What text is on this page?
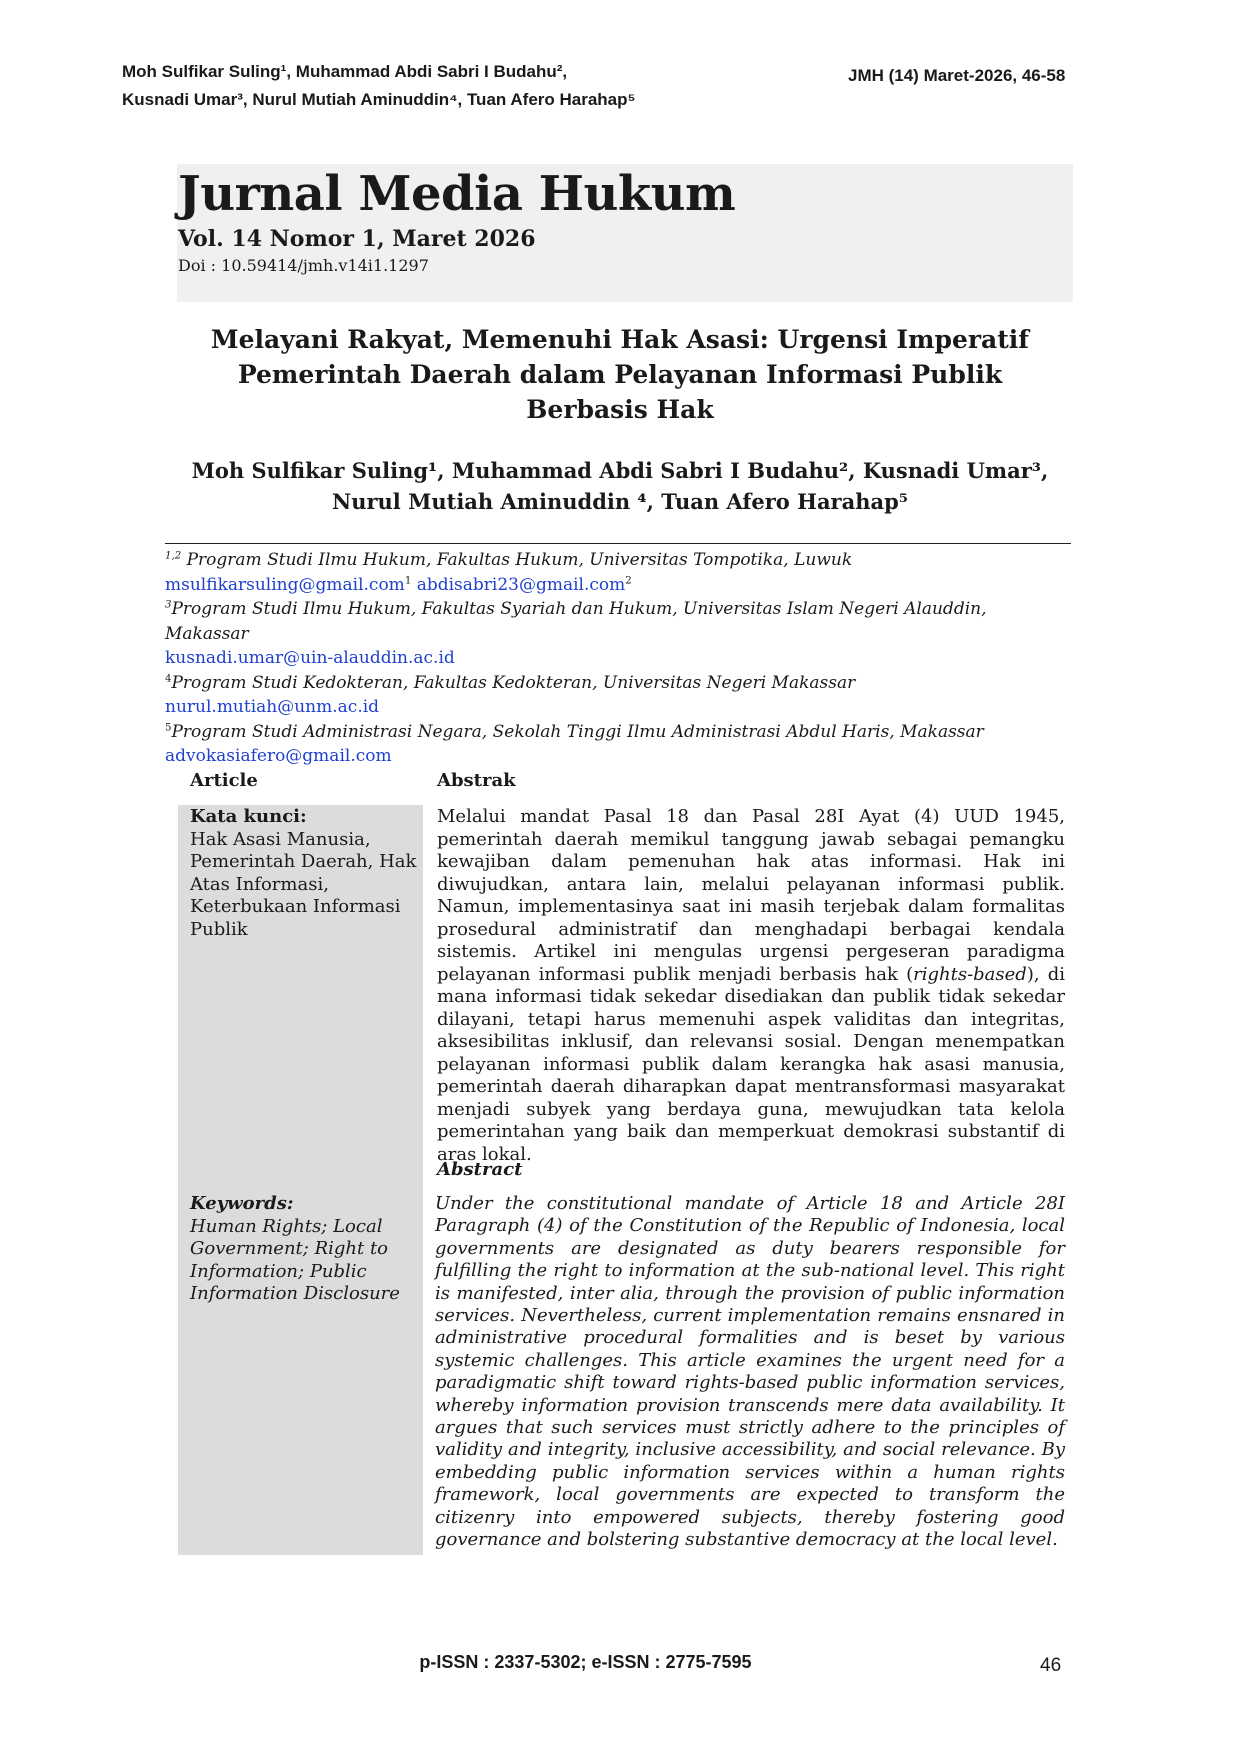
Moh Sulfikar Suling¹, Muhammad Abdi Sabri I Budahu²,
Kusnadi Umar³, Nurul Mutiah Aminuddin⁴, Tuan Afero Harahap⁵
JMH (14) Maret-2026, 46-58
Jurnal Media Hukum
Vol. 14 Nomor 1, Maret 2026
Doi : 10.59414/jmh.v14i1.1297
Melayani Rakyat, Memenuhi Hak Asasi: Urgensi Imperatif
Pemerintah Daerah dalam Pelayanan Informasi Publik
Berbasis Hak
Moh Sulfikar Suling¹, Muhammad Abdi Sabri I Budahu², Kusnadi Umar³,
Nurul Mutiah Aminuddin ⁴, Tuan Afero Harahap⁵
$^{1,2}$ Program Studi Ilmu Hukum, Fakultas Hukum, Universitas Tompotika, Luwuk
msulfikarsuling@gmail.com$^1$ abdisabri23@gmail.com$^2$
$^3$Program Studi Ilmu Hukum, Fakultas Syariah dan Hukum, Universitas Islam Negeri Alauddin, Makassar
kusnadi.umar@uin-alauddin.ac.id
$^4$Program Studi Kedokteran, Fakultas Kedokteran, Universitas Negeri Makassar
nurul.mutiah@unm.ac.id
$^5$Program Studi Administrasi Negara, Sekolah Tinggi Ilmu Administrasi Abdul Haris, Makassar
advokasiafero@gmail.com
Article	Abstrak
Kata kunci:
Hak Asasi Manusia, Pemerintah Daerah, Hak Atas Informasi, Keterbukaan Informasi Publik
Melalui mandat Pasal 18 dan Pasal 28I Ayat (4) UUD 1945, pemerintah daerah memikul tanggung jawab sebagai pemangku kewajiban dalam pemenuhan hak atas informasi. Hak ini diwujudkan, antara lain, melalui pelayanan informasi publik. Namun, implementasinya saat ini masih terjebak dalam formalitas prosedural administratif dan menghadapi berbagai kendala sistemis. Artikel ini mengulas urgensi pergeseran paradigma pelayanan informasi publik menjadi berbasis hak (rights-based), di mana informasi tidak sekedar disediakan dan publik tidak sekedar dilayani, tetapi harus memenuhi aspek validitas dan integritas, aksesibilitas inklusif, dan relevansi sosial. Dengan menempatkan pelayanan informasi publik dalam kerangka hak asasi manusia, pemerintah daerah diharapkan dapat mentransformasi masyarakat menjadi subyek yang berdaya guna, mewujudkan tata kelola pemerintahan yang baik dan memperkuat demokrasi substantif di aras lokal.
Abstract
Keywords:
Human Rights; Local Government; Right to Information; Public Information Disclosure
Under the constitutional mandate of Article 18 and Article 28I Paragraph (4) of the Constitution of the Republic of Indonesia, local governments are designated as duty bearers responsible for fulfilling the right to information at the sub-national level. This right is manifested, inter alia, through the provision of public information services. Nevertheless, current implementation remains ensnared in administrative procedural formalities and is beset by various systemic challenges. This article examines the urgent need for a paradigmatic shift toward rights-based public information services, whereby information provision transcends mere data availability. It argues that such services must strictly adhere to the principles of validity and integrity, inclusive accessibility, and social relevance. By embedding public information services within a human rights framework, local governments are expected to transform the citizenry into empowered subjects, thereby fostering good governance and bolstering substantive democracy at the local level.
p-ISSN : 2337-5302; e-ISSN : 2775-7595	46
